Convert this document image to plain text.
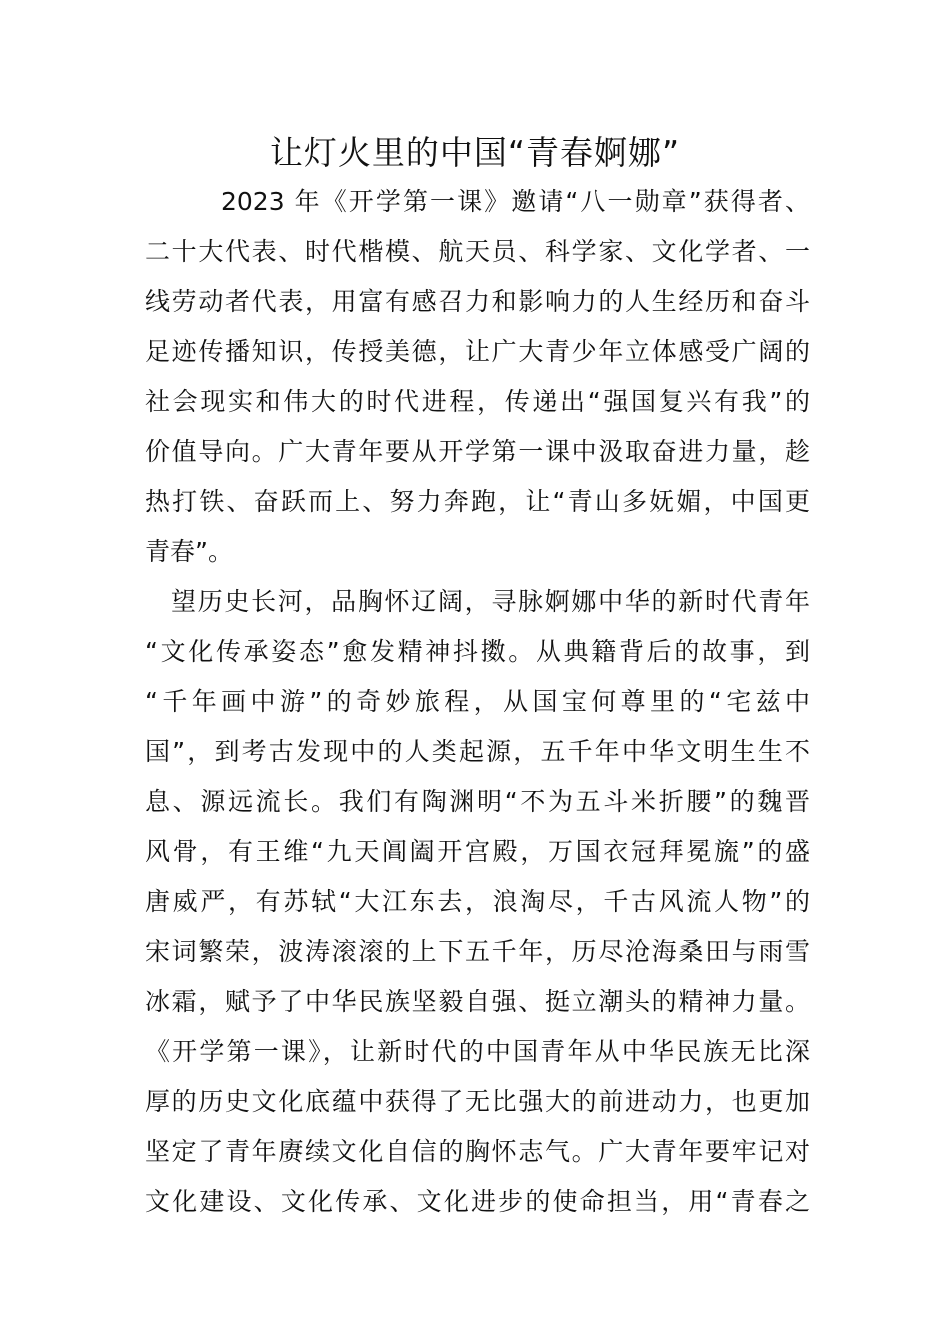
让灯火里的中国“青春婀娜”
2023 年《开学第一课》邀请“八一勋章”获得者、
二十大代表、时代楷模、航天员、科学家、文化学者、一
线劳动者代表，用富有感召力和影响力的人生经历和奋斗
足迹传播知识，传授美德，让广大青少年立体感受广阔的
社会现实和伟大的时代进程，传递出“强国复兴有我”的
价值导向。广大青年要从开学第一课中汲取奋进力量，趁
热打铁、奋跃而上、努力奔跑，让“青山多妩媚，中国更
青春”。
望历史长河，品胸怀辽阔，寻脉婀娜中华的新时代青年
“文化传承姿态”愈发精神抖擞。从典籍背后的故事，到
“千年画中游”的奇妙旅程，从国宝何尊里的“宅兹中
国”，到考古发现中的人类起源，五千年中华文明生生不
息、源远流长。我们有陶渊明“不为五斗米折腰”的魏晋
风骨，有王维“九天阊阖开宫殿，万国衣冠拜冕旒”的盛
唐威严，有苏轼“大江东去，浪淘尽，千古风流人物”的
宋词繁荣，波涛滚滚的上下五千年，历尽沧海桑田与雨雪
冰霜，赋予了中华民族坚毅自强、挺立潮头的精神力量。
《开学第一课》，让新时代的中国青年从中华民族无比深
厚的历史文化底蕴中获得了无比强大的前进动力，也更加
坚定了青年赓续文化自信的胸怀志气。广大青年要牢记对
文化建设、文化传承、文化进步的使命担当，用“青春之
